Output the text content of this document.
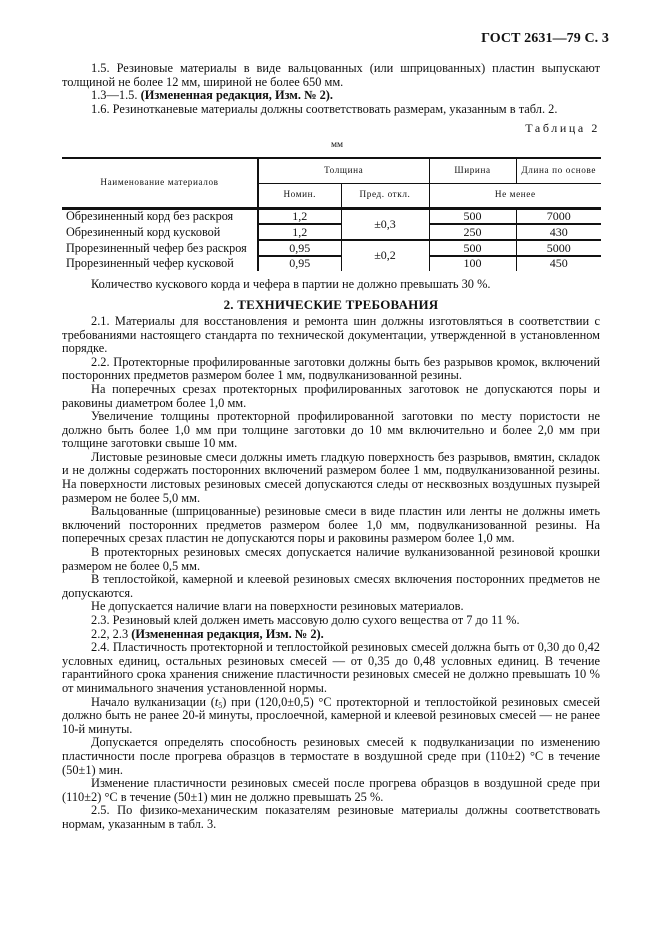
ГОСТ 2631—79 С. 3

1.5. Резиновые материалы в виде вальцованных (или шприцованных) пластин выпускают толщиной не более 12 мм, шириной не более 650 мм.

1.3—1.5. (Измененная редакция, Изм. № 2).

1.6. Резинотканевые материалы должны соответствовать размерам, указанным в табл. 2.

Таблица 2
мм
Наименование материалов	Толщина		Ширина	Длина по основе
	Номин.	Пред. откл.	Не менее	
Обрезиненный корд без раскроя	1,2	±0,3	500	7000
Обрезиненный корд кусковой	1,2		250	430
Прорезиненный чефер без раскроя	0,95	±0,2	500	5000
Прорезиненный чефер кусковой	0,95		100	450

Количество кускового корда и чефера в партии не должно превышать 30 %.

2. ТЕХНИЧЕСКИЕ ТРЕБОВАНИЯ

2.1. Материалы для восстановления и ремонта шин должны изготовляться в соответствии с требованиями настоящего стандарта по технической документации, утвержденной в установленном порядке.

2.2. Протекторные профилированные заготовки должны быть без разрывов кромок, включений посторонних предметов размером более 1 мм, подвулканизованной резины.

На поперечных срезах протекторных профилированных заготовок не допускаются поры и раковины диаметром более 1,0 мм.

Увеличение толщины протекторной профилированной заготовки по месту пористости не должно быть более 1,0 мм при толщине заготовки до 10 мм включительно и более 2,0 мм при толщине заготовки свыше 10 мм.

Листовые резиновые смеси должны иметь гладкую поверхность без разрывов, вмятин, складок и не должны содержать посторонних включений размером более 1 мм, подвулканизованной резины. На поверхности листовых резиновых смесей допускаются следы от несквозных воздушных пузырей размером не более 5,0 мм.

Вальцованные (шприцованные) резиновые смеси в виде пластин или ленты не должны иметь включений посторонних предметов размером более 1,0 мм, подвулканизованной резины. На поперечных срезах пластин не допускаются поры и раковины размером более 1,0 мм.

В протекторных резиновых смесях допускается наличие вулканизованной резиновой крошки размером не более 0,5 мм.

В теплостойкой, камерной и клеевой резиновых смесях включения посторонних предметов не допускаются.

Не допускается наличие влаги на поверхности резиновых материалов.

2.3. Резиновый клей должен иметь массовую долю сухого вещества от 7 до 11 %.

2.2, 2.3 (Измененная редакция, Изм. № 2).

2.4. Пластичность протекторной и теплостойкой резиновых смесей должна быть от 0,30 до 0,42 условных единиц, остальных резиновых смесей — от 0,35 до 0,48 условных единиц. В течение гарантийного срока хранения снижение пластичности резиновых смесей не должно превышать 10 % от минимального значения установленной нормы.

Начало вулканизации $(t_5)$ при (120,0±0,5) °С протекторной и теплостойкой резиновых смесей должно быть не ранее 20-й минуты, прослоечной, камерной и клеевой резиновых смесей — не ранее 10-й минуты.

Допускается определять способность резиновых смесей к подвулканизации по изменению пластичности после прогрева образцов в термостате в воздушной среде при (110±2) °С в течение (50±1) мин.

Изменение пластичности резиновых смесей после прогрева образцов в воздушной среде при (110±2) °С в течение (50±1) мин не должно превышать 25 %.

2.5. По физико-механическим показателям резиновые материалы должны соответствовать нормам, указанным в табл. 3.
